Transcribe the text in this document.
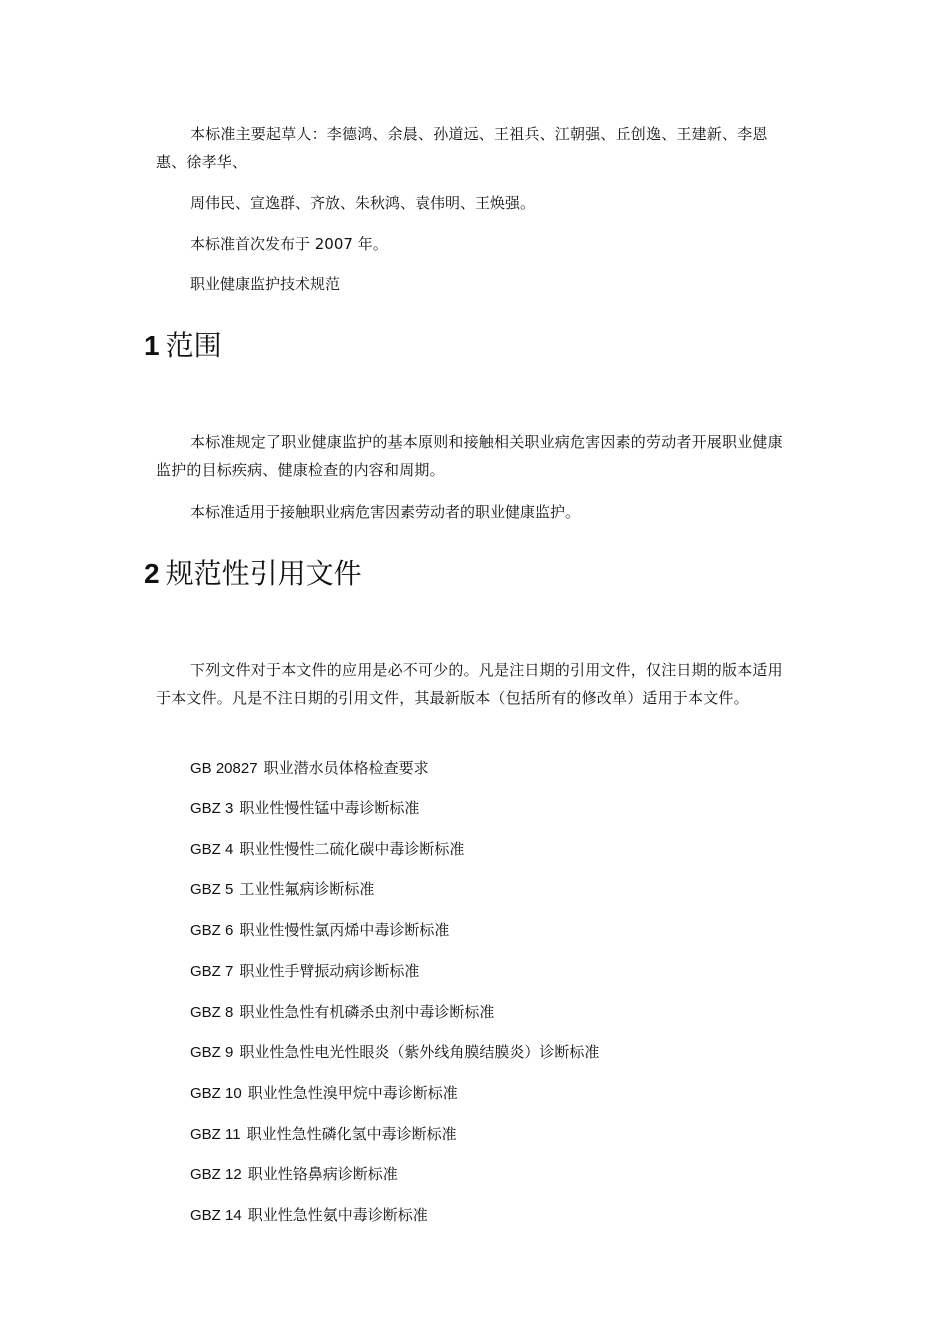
本标准主要起草人：李德鸿、余晨、孙道远、王祖兵、江朝强、丘创逸、王建新、李恩惠、徐孝华、

周伟民、宣逸群、齐放、朱秋鸿、袁伟明、王焕强。

本标准首次发布于 2007 年。

职业健康监护技术规范

1 范围

本标准规定了职业健康监护的基本原则和接触相关职业病危害因素的劳动者开展职业健康监护的目标疾病、健康检查的内容和周期。

本标准适用于接触职业病危害因素劳动者的职业健康监护。

2 规范性引用文件

下列文件对于本文件的应用是必不可少的。凡是注日期的引用文件，仅注日期的版本适用于本文件。凡是不注日期的引用文件，其最新版本（包括所有的修改单）适用于本文件。

GB 20827 职业潜水员体格检查要求

GBZ 3 职业性慢性锰中毒诊断标准

GBZ 4 职业性慢性二硫化碳中毒诊断标准

GBZ 5 工业性氟病诊断标准

GBZ 6 职业性慢性氯丙烯中毒诊断标准

GBZ 7 职业性手臂振动病诊断标准

GBZ 8 职业性急性有机磷杀虫剂中毒诊断标准

GBZ 9 职业性急性电光性眼炎（紫外线角膜结膜炎）诊断标准

GBZ 10 职业性急性溴甲烷中毒诊断标准

GBZ 11 职业性急性磷化氢中毒诊断标准

GBZ 12 职业性铬鼻病诊断标准

GBZ 14 职业性急性氨中毒诊断标准
